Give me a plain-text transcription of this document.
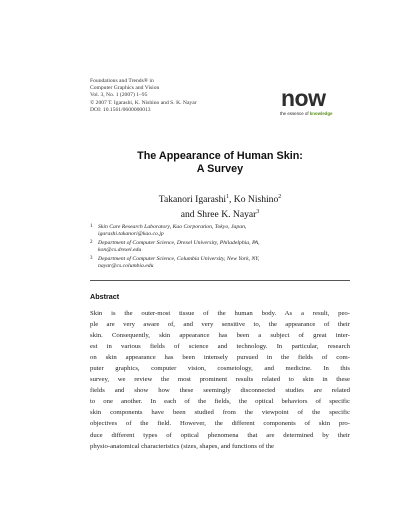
Foundations and Trends® in
Computer Graphics and Vision
Vol. 3, No. 1 (2007) 1–95
© 2007 T. Igarashi, K. Nishino and S. K. Nayar
DOI: 10.1561/0600000013	now
the essence of knowledge
The Appearance of Human Skin:
A Survey
Takanori Igarashi$^1$, Ko Nishino$^2$
and Shree K. Nayar$^3$
1 Skin Care Research Laboratory, Kao Corporation, Tokyo, Japan,
igarashi.takanori@kao.co.jp
2 Department of Computer Science, Drexel University, Philadelphia, PA,
kon@cs.drexel.edu
3 Department of Computer Science, Columbia University, New York, NY,
nayar@cs.columbia.edu
Abstract
Skin is the outer-most tissue of the human body. As a result, peo-
ple are very aware of, and very sensitive to, the appearance of their
skin. Consequently, skin appearance has been a subject of great inter-
est in various fields of science and technology. In particular, research
on skin appearance has been intensely pursued in the fields of com-
puter graphics, computer vision, cosmetology, and medicine. In this
survey, we review the most prominent results related to skin in these
fields and show how these seemingly disconnected studies are related
to one another. In each of the fields, the optical behaviors of specific
skin components have been studied from the viewpoint of the specific
objectives of the field. However, the different components of skin pro-
duce different types of optical phenomena that are determined by their
physio-anatomical characteristics (sizes, shapes, and functions of the
